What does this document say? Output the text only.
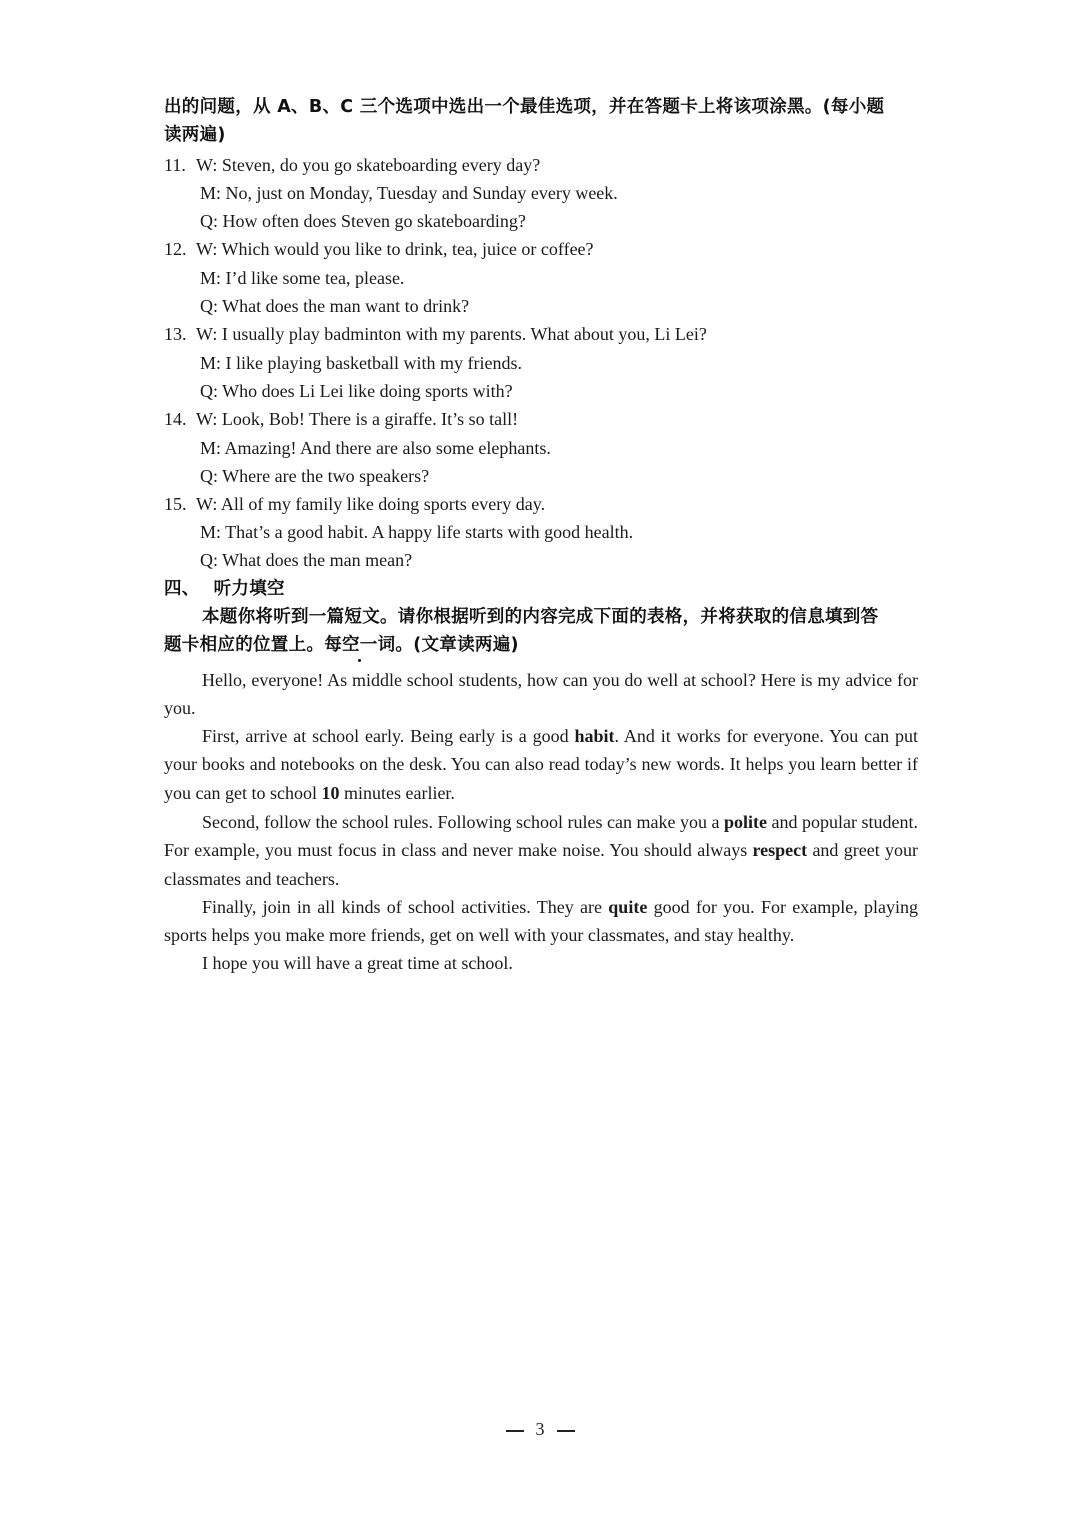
出的问题，从 A、B、C 三个选项中选出一个最佳选项，并在答题卡上将该项涂黑。(每小题
读两遍)
11. W: Steven, do you go skateboarding every day?
M: No, just on Monday, Tuesday and Sunday every week.
Q: How often does Steven go skateboarding?
12. W: Which would you like to drink, tea, juice or coffee?
M: I’d like some tea, please.
Q: What does the man want to drink?
13. W: I usually play badminton with my parents. What about you, Li Lei?
M: I like playing basketball with my friends.
Q: Who does Li Lei like doing sports with?
14. W: Look, Bob! There is a giraffe. It’s so tall!
M: Amazing! And there are also some elephants.
Q: Where are the two speakers?
15. W: All of my family like doing sports every day.
M: That’s a good habit. A happy life starts with good health.
Q: What does the man mean?
四、 听力填空
本题你将听到一篇短文。请你根据听到的内容完成下面的表格，并将获取的信息填到答
题卡相应的位置上。每空一词。(文章读两遍)

Hello, everyone! As middle school students, how can you do well at school? Here is my advice for you.

First, arrive at school early. Being early is a good habit. And it works for everyone. You can put your books and notebooks on the desk. You can also read today’s new words. It helps you learn better if you can get to school 10 minutes earlier.

Second, follow the school rules. Following school rules can make you a polite and popular student. For example, you must focus in class and never make noise. You should always respect and greet your classmates and teachers.

Finally, join in all kinds of school activities. They are quite good for you. For example, playing sports helps you make more friends, get on well with your classmates, and stay healthy.

I hope you will have a great time at school.

3
